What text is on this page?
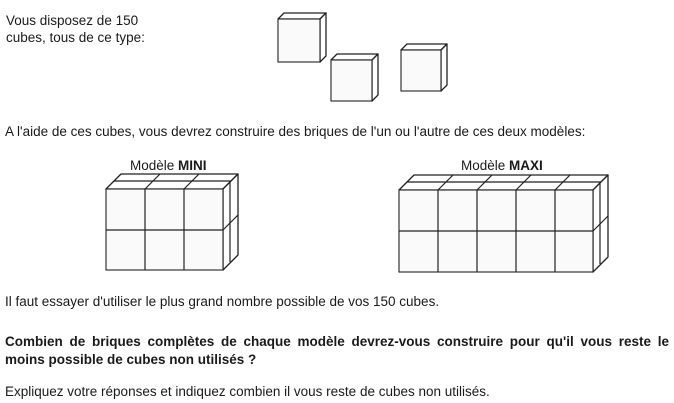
Vous disposez de 150
cubes, tous de ce type:
A l'aide de ces cubes, vous devrez construire des briques de l'un ou l'autre de ces deux modèles:
Modèle MINI	Modèle MAXI
Il faut essayer d'utiliser le plus grand nombre possible de vos 150 cubes.
Combien de briques complètes de chaque modèle devrez-vous construire pour qu'il vous reste le moins possible de cubes non utilisés ?
Expliquez votre réponses et indiquez combien il vous reste de cubes non utilisés.
